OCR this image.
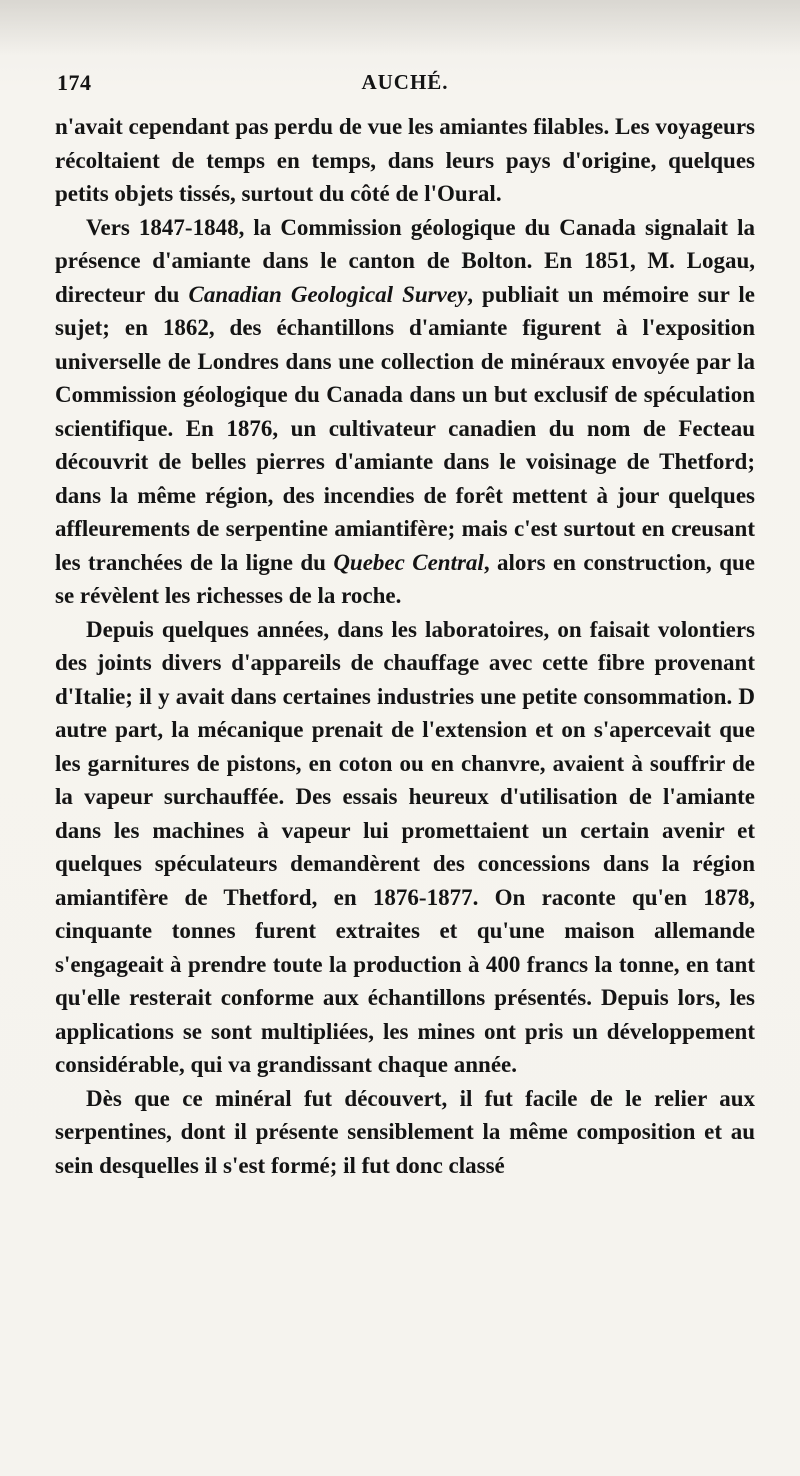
174	AUCHÉ.

n'avait cependant pas perdu de vue les amiantes filables. Les voyageurs récoltaient de temps en temps, dans leurs pays d'origine, quelques petits objets tissés, surtout du côté de l'Oural.

Vers 1847-1848, la Commission géologique du Canada signalait la présence d'amiante dans le canton de Bolton. En 1851, M. Logau, directeur du Canadian Geological Survey, publiait un mémoire sur le sujet; en 1862, des échantillons d'amiante figurent à l'exposition universelle de Londres dans une collection de minéraux envoyée par la Commission géologique du Canada dans un but exclusif de spéculation scientifique. En 1876, un cultivateur canadien du nom de Fecteau découvrit de belles pierres d'amiante dans le voisinage de Thetford; dans la même région, des incendies de forêt mettent à jour quelques affleurements de serpentine amiantifère; mais c'est surtout en creusant les tranchées de la ligne du Quebec Central, alors en construction, que se révèlent les richesses de la roche.

Depuis quelques années, dans les laboratoires, on faisait volontiers des joints divers d'appareils de chauffage avec cette fibre provenant d'Italie; il y avait dans certaines industries une petite consommation. D autre part, la mécanique prenait de l'extension et on s'apercevait que les garnitures de pistons, en coton ou en chanvre, avaient à souffrir de la vapeur surchauffée. Des essais heureux d'utilisation de l'amiante dans les machines à vapeur lui promettaient un certain avenir et quelques spéculateurs demandèrent des concessions dans la région amiantifère de Thetford, en 1876-1877. On raconte qu'en 1878, cinquante tonnes furent extraites et qu'une maison allemande s'engageait à prendre toute la production à 400 francs la tonne, en tant qu'elle resterait conforme aux échantillons présentés. Depuis lors, les applications se sont multipliées, les mines ont pris un développement considérable, qui va grandissant chaque année.

Dès que ce minéral fut découvert, il fut facile de le relier aux serpentines, dont il présente sensiblement la même composition et au sein desquelles il s'est formé; il fut donc classé
